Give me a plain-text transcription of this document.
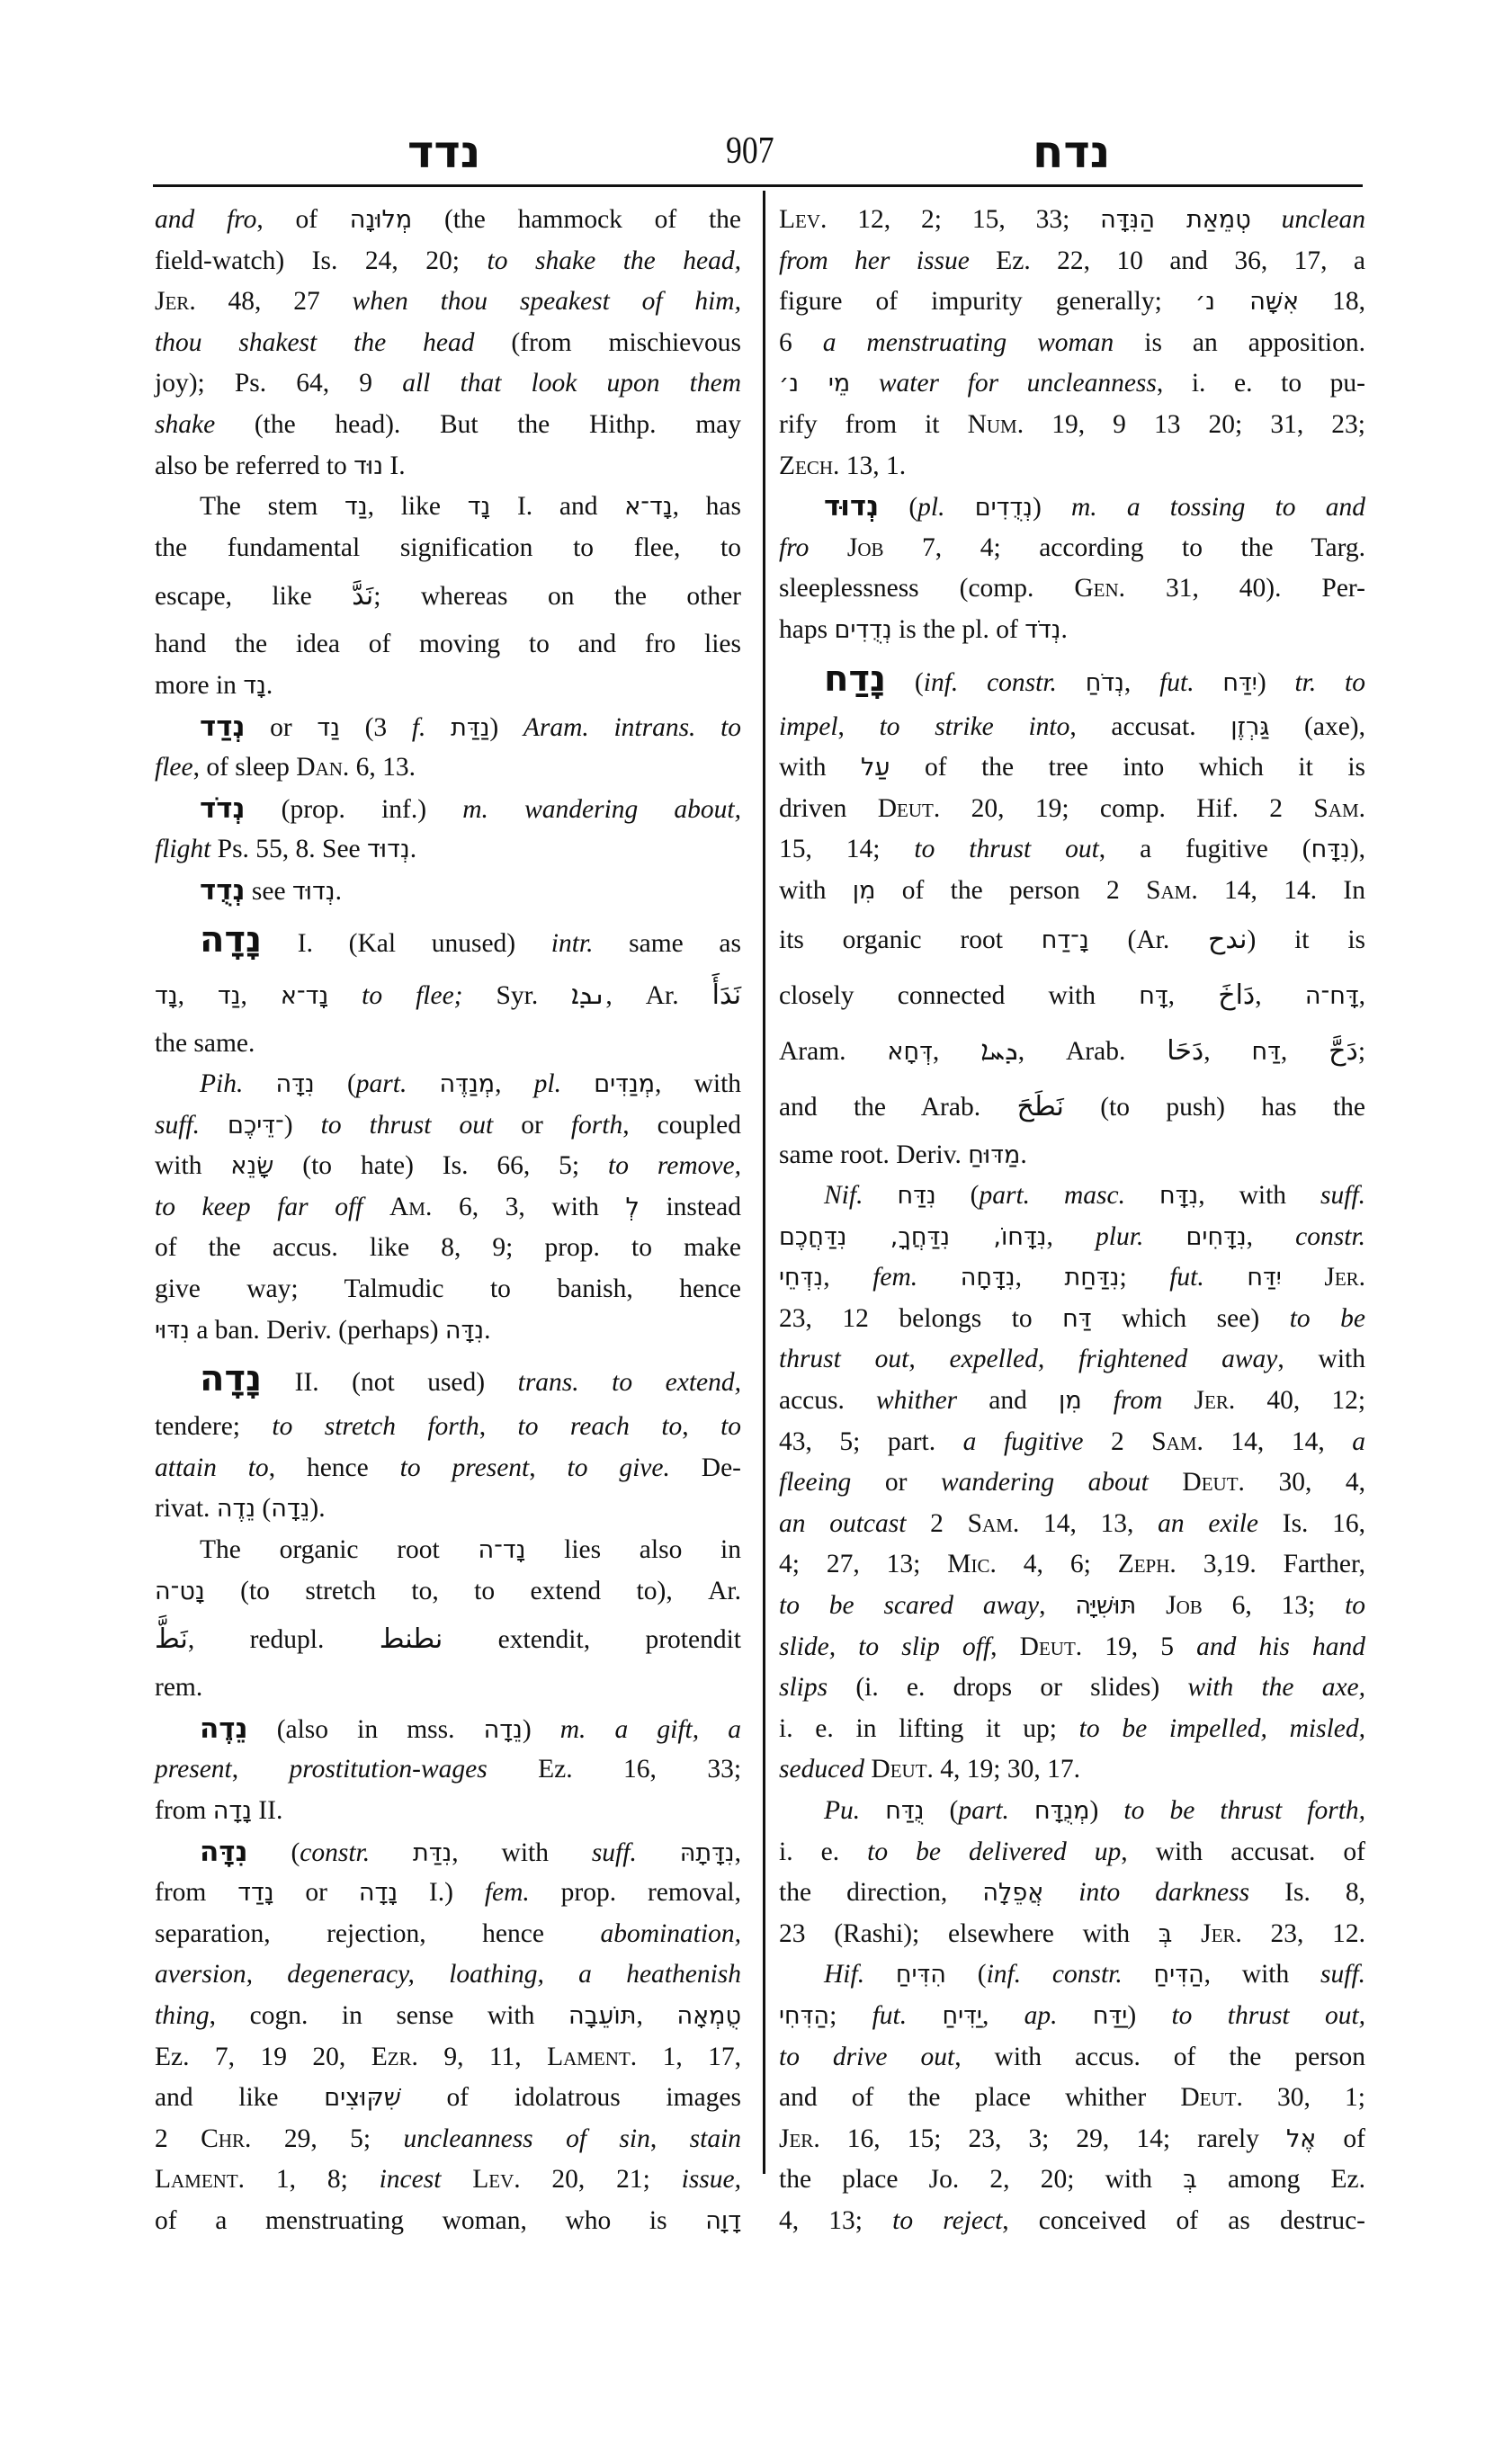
נדד	907	נדח
and fro, of מְלוּנָה (the hammock of the
field-watch) Is. 24, 20; to shake the head,
Jer. 48, 27 when thou speakest of him,
thou shakest the head (from mischievous
joy); Ps. 64, 9 all that look upon them
shake (the head). But the Hithp. may
also be referred to נוּד I.
The stem נַד, like נָד I. and נָד־א, has
the fundamental signification to flee, to
escape, like نَدَّ; whereas on the other
hand the idea of moving to and fro lies
more in נָד.
נְדַד or נַד (3 f. נַדַּת) Aram. intrans. to
flee, of sleep Dan. 6, 13.
נְדֹד (prop. inf.) m. wandering about,
flight Ps. 55, 8. See נְדוּד.
נְדֻד see נְדוּד.
נָדָה I. (Kal unused) intr. same as
נָד, נַד, נָד־א to flee; Syr. ܢܕܐ, Ar. نَدَأَ
the same.
Pih. נִדָּה (part. מְנַדֶּה, pl. מְנַדִּים, with
suff. ־דֵּיכֶם) to thrust out or forth, coupled
with שָׂנֵא (to hate) Is. 66, 5; to remove,
to keep far off Am. 6, 3, with לְ instead
of the accus. like 8, 9; prop. to make
give way; Talmudic to banish, hence
נִדּוּי a ban. Deriv. (perhaps) נִדָּה.
נָדָה II. (not used) trans. to extend,
tendere; to stretch forth, to reach to, to
attain to, hence to present, to give. De-
rivat. נֵדֶה (נֵדָה).
The organic root נָד־ה lies also in
נָט־ה (to stretch to, to extend to), Ar.
نَطَّ, redupl. نطنط extendit, protendit
rem.
נֵדֶה (also in mss. נֵדָה) m. a gift, a
present, prostitution-wages Ez. 16, 33;
from נָדָה II.
נִדָּה (constr. נִדַּת, with suff. נִדָּתָהּ,
from נָדַד or נָדָה I.) fem. prop. removal,
separation, rejection, hence abomination,
aversion, degeneracy, loathing, a heathenish
thing, cogn. in sense with תּוֹעֵבָה, טֻמְאָה
Ez. 7, 19 20, Ezr. 9, 11, Lament. 1, 17,
and like שִׁקּוּצִים of idolatrous images
2 Chr. 29, 5; uncleanness of sin, stain
Lament. 1, 8; incest Lev. 20, 21; issue,
of a menstruating woman, who is דָוָה
Lev. 12, 2; 15, 33; טְמֵאַת הַנִּדָּה unclean
from her issue Ez. 22, 10 and 36, 17, a
figure of impurity generally; אִשָּׁה נ׳ 18,
6 a menstruating woman is an apposition.
מֵי נ׳ water for uncleanness, i. e. to pu-
rify from it Num. 19, 9 13 20; 31, 23;
Zech. 13, 1.
נְדוּד (pl. נְדֻדִים) m. a tossing to and
fro Job 7, 4; according to the Targ.
sleeplessness (comp. Gen. 31, 40). Per-
haps נְדֻדִים is the pl. of נְדֹד.
נָדַח (inf. constr. נְדֹחַ, fut. יִדַּח) tr. to
impel, to strike into, accusat. גַּרְזֶן (axe),
with עַל of the tree into which it is
driven Deut. 20, 19; comp. Hif. 2 Sam.
15, 14; to thrust out, a fugitive (נִדָּח),
with מִן of the person 2 Sam. 14, 14. In
its organic root נָ־דַח (Ar. ندح) it is
closely connected with דָּח, دَاخَ, דָּח־ה,
Aram. דְּחָא, ܕܚܐ, Arab. دَحَا, דַּח, دَحَّ;
and the Arab. نَطَحَ (to push) has the
same root. Deriv. מַדּוּחַ.
Nif. נִדַּח (part. masc. נִדָּח, with suff.
נִדָּחוֹ, נִדַּחֲךָ, נִדַּחֲכֶם, plur. נִדָּחִים, constr.
נִדְּחֵי, fem. נִדָּחָה, נִדַּחַת; fut. יִדַּח Jer.
23, 12 belongs to דַּח which see) to be
thrust out, expelled, frightened away, with
accus. whither and מִן from Jer. 40, 12;
43, 5; part. a fugitive 2 Sam. 14, 14, a
fleeing or wandering about Deut. 30, 4,
an outcast 2 Sam. 14, 13, an exile Is. 16,
4; 27, 13; Mic. 4, 6; Zeph. 3,19. Farther,
to be scared away, תּוּשִׁיָּה Job 6, 13; to
slide, to slip off, Deut. 19, 5 and his hand
slips (i. e. drops or slides) with the axe,
i. e. in lifting it up; to be impelled, misled,
seduced Deut. 4, 19; 30, 17.
Pu. נֻדַּח (part. מְנֻדָּח) to be thrust forth,
i. e. to be delivered up, with accusat. of
the direction, אֲפֵלָה into darkness Is. 8,
23 (Rashi); elsewhere with בְּ Jer. 23, 12.
Hif. הִדִּיחַ (inf. constr. הַדִּיחַ, with suff.
הַדִּחִי; fut. יַדִּיחַ, ap. יַדַּח) to thrust out,
to drive out, with accus. of the person
and of the place whither Deut. 30, 1;
Jer. 16, 15; 23, 3; 29, 14; rarely אֶל of
the place Jo. 2, 20; with בְּ among Ez.
4, 13; to reject, conceived of as destruc-
